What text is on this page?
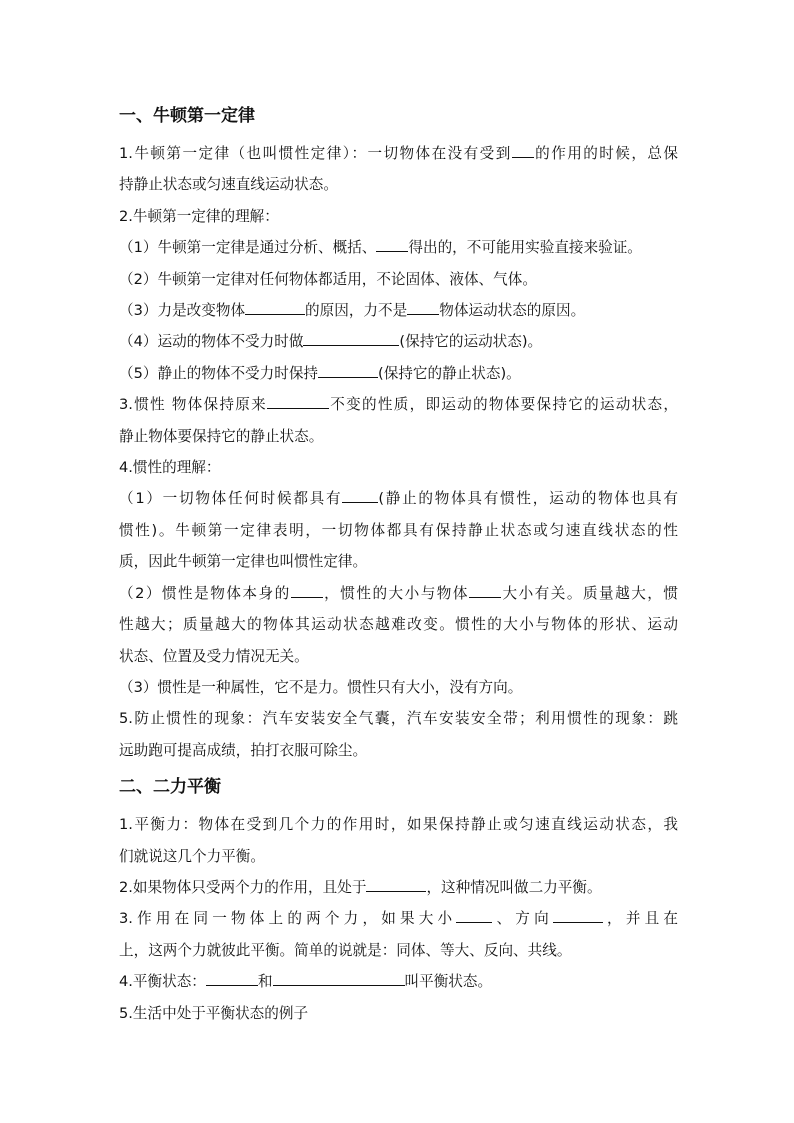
一、牛顿第一定律
1.牛顿第一定律（也叫惯性定律）：一切物体在没有受到 的作用的时候，总保
持静止状态或匀速直线运动状态。
2.牛顿第一定律的理解：
（1）牛顿第一定律是通过分析、概括、 得出的，不可能用实验直接来验证。
（2）牛顿第一定律对任何物体都适用，不论固体、液体、气体。
（3）力是改变物体	的原因，力不是 物体运动状态的原因。
（4）运动的物体不受力时做	(保持它的运动状态)。
（5）静止的物体不受力时保持	(保持它的静止状态)。
3.惯性 物体保持原来	不变的性质，即运动的物体要保持它的运动状态，
静止物体要保持它的静止状态。
4.惯性的理解：
（1）一切物体任何时候都具有 (静止的物体具有惯性，运动的物体也具有
惯性)。牛顿第一定律表明，一切物体都具有保持静止状态或匀速直线状态的性
质，因此牛顿第一定律也叫惯性定律。
（2）惯性是物体本身的 ，惯性的大小与物体 大小有关。质量越大，惯
性越大；质量越大的物体其运动状态越难改变。惯性的大小与物体的形状、运动
状态、位置及受力情况无关。
（3）惯性是一种属性，它不是力。惯性只有大小，没有方向。
5.防止惯性的现象：汽车安装安全气囊，汽车安装安全带；利用惯性的现象：跳
远助跑可提高成绩，拍打衣服可除尘。
二、二力平衡
1.平衡力：物体在受到几个力的作用时，如果保持静止或匀速直线运动状态，我
们就说这几个力平衡。
2.如果物体只受两个力的作用，且处于	，这种情况叫做二力平衡。
3.作用在同一物体上的两个力，如果大小 、方向	，并且在
上，这两个力就彼此平衡。简单的说就是：同体、等大、反向、共线。
4.平衡状态：	和	叫平衡状态。
5.生活中处于平衡状态的例子
